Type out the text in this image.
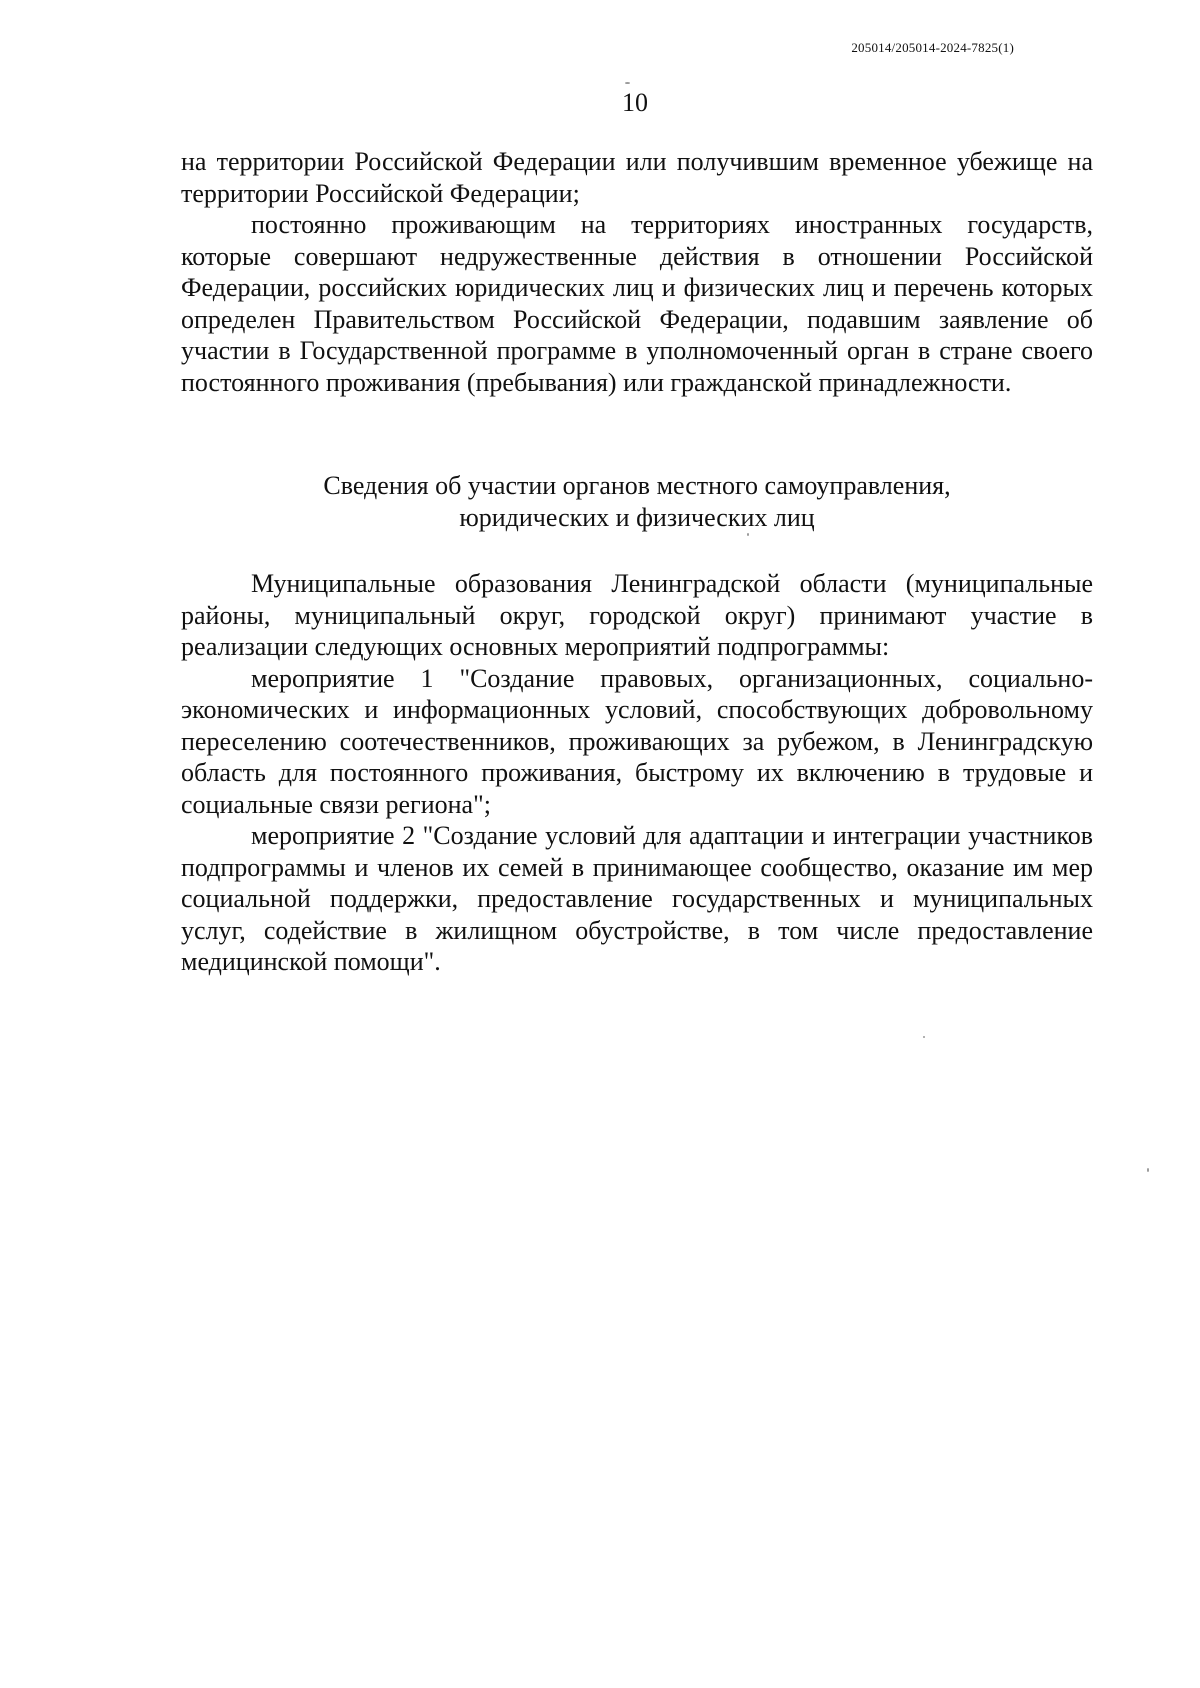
205014/205014-2024-7825(1)
10

на территории Российской Федерации или получившим временное убежище на территории Российской Федерации;

постоянно проживающим на территориях иностранных государств, которые совершают недружественные действия в отношении Российской Федерации, российских юридических лиц и физических лиц и перечень которых определен Правительством Российской Федерации, подавшим заявление об участии в Государственной программе в уполномоченный орган в стране своего постоянного проживания (пребывания) или гражданской принадлежности.

Сведения об участии органов местного самоуправления,

юридических и физических лиц

Муниципальные образования Ленинградской области (муниципальные районы, муниципальный округ, городской округ) принимают участие в реализации следующих основных мероприятий подпрограммы:

мероприятие 1 "Создание правовых, организационных, социально-экономических и информационных условий, способствующих добровольному переселению соотечественников, проживающих за рубежом, в Ленинградскую область для постоянного проживания, быстрому их включению в трудовые и социальные связи региона";

мероприятие 2 "Создание условий для адаптации и интеграции участников подпрограммы и членов их семей в принимающее сообщество, оказание им мер социальной поддержки, предоставление государственных и муниципальных услуг, содействие в жилищном обустройстве, в том числе предоставление медицинской помощи".
